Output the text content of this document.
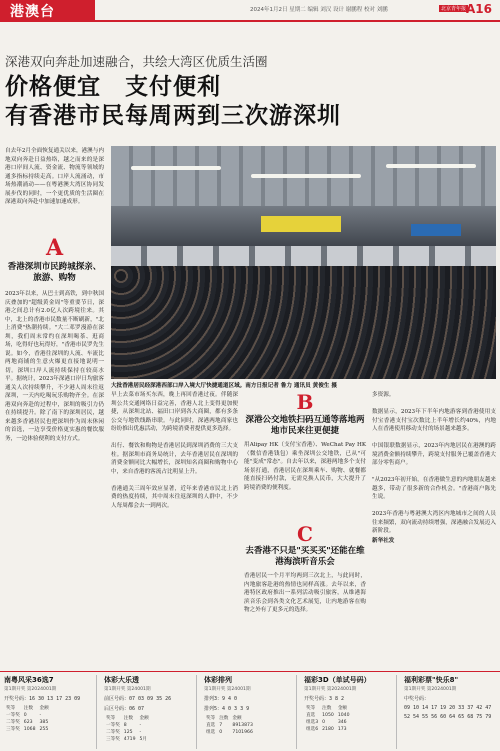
港澳台	2024年1月2日 星期二 编辑 刘汉 设计 谢鹏程 校对 刘鹏	北京青年报 A16
深港双向奔赴加速融合，共绘大湾区优质生活圈
价格便宜　支付便利
有香港市民每周两到三次游深圳
自去年2月全面恢复通关以来，港澳与内地双向奔赴日益热络，越之而来的是深港口岸间人流、资金流、物流等领域的通多指标持续走高。口岸人流涌动，市场热潮涌动——在粤港澳大湾区协同发展步伐的同时，一个更优质的生活圈在深港双向奔赴中加速加速成形。
大批香港居民经深港西部口岸入境大厅快捷通道区域。南方日报记者 鲁力 通讯员 黄俊生 摄
A
香港深圳市民跨城探亲、旅游、购物
2023年以来，从巴士到高铁，到中秋国庆叠加的"超级黄金周"等重要节日，深港之间总计有2.0亿人次跨境往来。其中，北上的香港市民数量不断刷新，"北上消费"热潮持续。"大二邓罗漫游在深圳，我们周末常约在深圳喝茶、逛商场，吃得好也玩得好，"香港市民罗先生说。如今，香港往深圳的人流、车流比两地商铺的生意火爆更直接地说明一切。深圳口岸人流持续保持在较高水平。据统计，2023年深港口岸日均旅客通关人次持续攀升，不少港人周末往返深圳，一天内吃喝玩乐购物齐全。在深港双向奔赴的过程中，深圳的吸引力仍在持续提升。除了南下的深圳居民，越来越多香港居民也把深圳作为周末休闲的首选，一边享受价格更实惠的餐饮服务，一边体验便利的支付方式。
早上去菜市场买东西，晚上再回香港过夜。伴随深圳公共交通网络日益完善，香港人北上变得更加便捷，从深圳北站、福田口岸到各大商圈，都有多条公交与地铁线路串联。与此同时，深港两地商家也纷纷推出优惠活动，为跨境消费者提供更多选择。

出行、餐饮和购物是香港居民到深圳消费的三大支柱。据深圳市商务局统计，去年香港居民在深圳的消费金额同比大幅增长，深圳知名商圈和购物中心中，来自香港的客流占比明显上升。

香港通关三周年效应显著，近年来香港市民北上消费的热度持续，其中周末往返深圳的人群中，不少人每周都会去一到两次。
B
深港公交地铁扫码互通等落地两地市民来往更便捷
用Alipay HK（支付宝香港）、WeChat Pay HK（微信香港钱包）乘坐深圳公交地铁，已从"可能"变成"常态"。自去年以来，深港两地多个支付场景打通，香港居民在深圳乘车、购物、就餐都能直接扫码付款，无需兑换人民币，大大提升了跨境消费的便利度。
C
去香港不只是"买买买"还能在维港海滨听音乐会
香港居民一个月平均两到三次北上，与此同时，内地旅客赴港的热情也同样高涨。去年以来，香港特区政府推出一系列活动吸引旅客，从维港海滨音乐会到各类文化艺术展览，让内地游客在购物之外有了更多元的选择。
多资源。

数据显示，2023年下半年内地游客到香港使用支付宝香港支付宝次数比上半年增长约40%，内地人在香港使用移动支付的场景越来越多。

中国银联数据显示，2023年内地居民在港澳的跨境消费金额持续攀升，跨境支付服务已覆盖香港大部分零售商户。

"从2023年初开始，在香港做生意的内地朋友越来越多，带动了很多新的合作机会。"香港商户陈先生说。

2023年香港与粤港澳大湾区内地城市之间的人员往来频繁，双向流动持续增强，深港融合发展迈入新阶段。
新华社发
南粤风采36选7
第1期开奖 第2024001期
开奖号码：16 30 13 17 23 09
奖等	注数	金额
一等奖	0	-
二等奖	623	385
三等奖	1068	255
体彩大乐透
第1期开奖 第24001期
前区号码：07 03 09 35 26
后区号码：06 07
奖等	注数	金额
一等奖	8	-
二等奖	125	-
三等奖	4719	5月
体彩排列
第1期开奖 第24001期
排列3：9 4 0
排列5：4 0 3 3 9
奖等	注数	金额
直选	7	8913873
组选	0	7101966
福彩3D（单试号码）
第1期开奖 第2024001期
开奖号码：3 8 2
奖等	注数	金额
直选	1050	1040
组选3	0	346
组选6	2180	173
福利彩票"快乐8"
第1期开奖 第2024001期
中奖号码：
09 10 14 17 19 20 33 37 42 47
52 54 55 56 60 64 65 68 75 79
